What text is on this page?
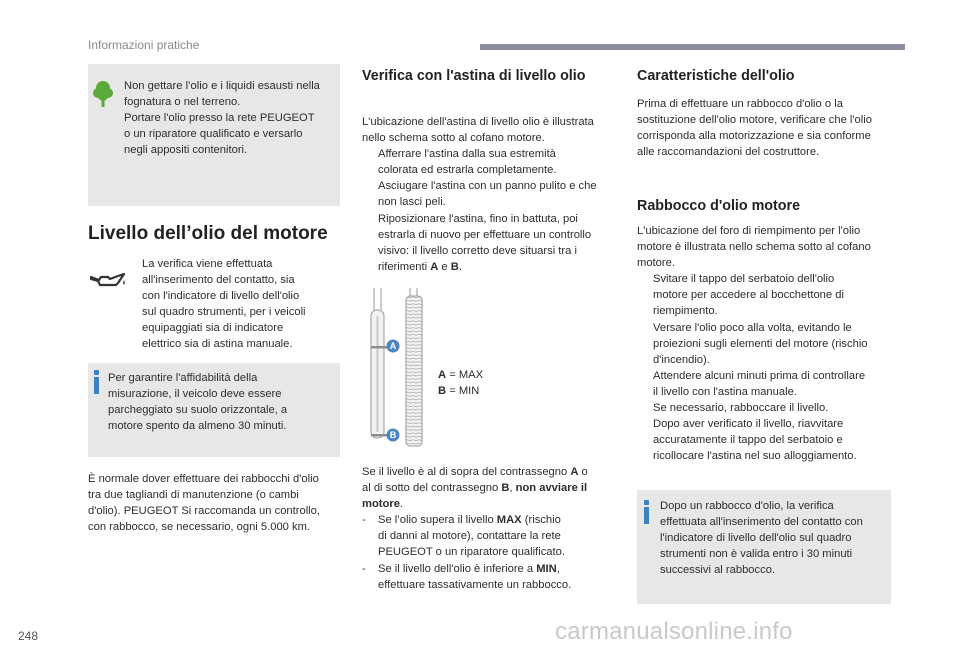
Informazioni pratiche
Non gettare l’olio e i liquidi esausti nella
fognatura o nel terreno.
Portare l'olio presso la rete PEUGEOT
o un riparatore qualificato e versarlo
negli appositi contenitori.
Livello dell’olio del motore
La verifica viene effettuata
all'inserimento del contatto, sia
con l'indicatore di livello dell'olio
sul quadro strumenti, per i veicoli
equipaggiati sia di indicatore
elettrico sia di astina manuale.
Per garantire l'affidabilità della
misurazione, il veicolo deve essere
parcheggiato su suolo orizzontale, a
motore spento da almeno 30 minuti.
È normale dover effettuare dei rabbocchi d'olio
tra due tagliandi di manutenzione (o cambi
d'olio). PEUGEOT Si raccomanda un controllo,
con rabbocco, se necessario, ogni 5.000 km.
Verifica con l'astina di livello olio
L'ubicazione dell'astina di livello olio è illustrata
nello schema sotto al cofano motore.
Afferrare l'astina dalla sua estremità
colorata ed estrarla completamente.
Asciugare l'astina con un panno pulito e che
non lasci peli.
Riposizionare l'astina, fino in battuta, poi
estrarla di nuovo per effettuare un controllo
visivo: il livello corretto deve situarsi tra i
riferimenti A e B.
A
B
A = MAX
B = MIN
Se il livello è al di sopra del contrassegno A o
al di sotto del contrassegno B, non avviare il
motore.
- Se l’olio supera il livello MAX (rischio
di danni al motore), contattare la rete
PEUGEOT o un riparatore qualificato.
- Se il livello dell'olio è inferiore a MIN,
effettuare tassativamente un rabbocco.
Caratteristiche dell'olio
Prima di effettuare un rabbocco d'olio o la
sostituzione dell'olio motore, verificare che l'olio
corrisponda alla motorizzazione e sia conforme
alle raccomandazioni del costruttore.
Rabbocco d'olio motore
L'ubicazione del foro di riempimento per l'olio
motore è illustrata nello schema sotto al cofano
motore.
Svitare il tappo del serbatoio dell'olio
motore per accedere al bocchettone di
riempimento.
Versare l'olio poco alla volta, evitando le
proiezioni sugli elementi del motore (rischio
d'incendio).
Attendere alcuni minuti prima di controllare
il livello con l'astina manuale.
Se necessario, rabboccare il livello.
Dopo aver verificato il livello, riavvitare
accuratamente il tappo del serbatoio e
ricollocare l'astina nel suo alloggiamento.
Dopo un rabbocco d'olio, la verifica
effettuata all'inserimento del contatto con
l'indicatore di livello dell'olio sul quadro
strumenti non è valida entro i 30 minuti
successivi al rabbocco.
248	carmanualsonline.info
